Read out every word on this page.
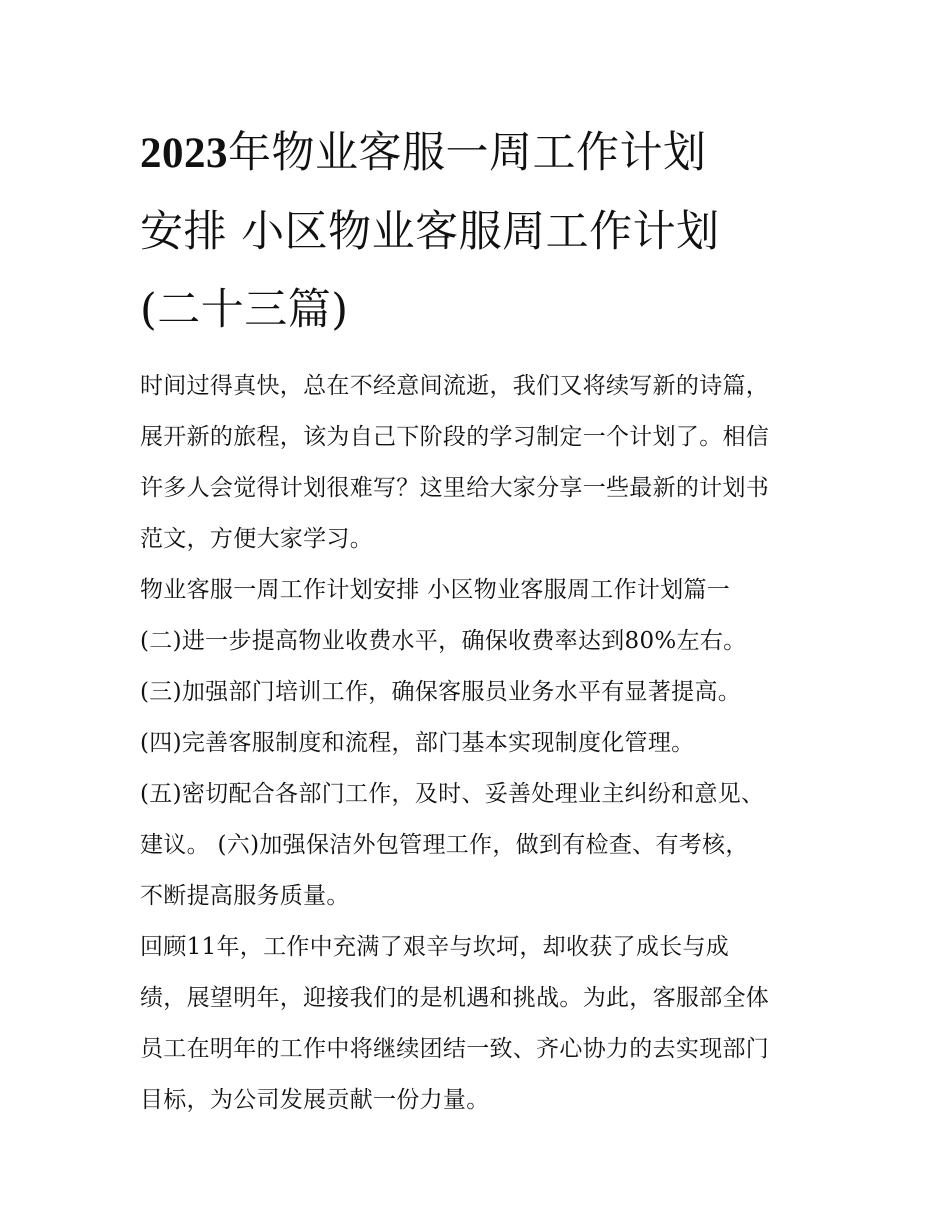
2023年物业客服一周工作计划
安排 小区物业客服周工作计划
(二十三篇)
时间过得真快，总在不经意间流逝，我们又将续写新的诗篇，
展开新的旅程，该为自己下阶段的学习制定一个计划了。相信
许多人会觉得计划很难写？这里给大家分享一些最新的计划书
范文，方便大家学习。
物业客服一周工作计划安排 小区物业客服周工作计划篇一
(二)进一步提高物业收费水平，确保收费率达到80%左右。
(三)加强部门培训工作，确保客服员业务水平有显著提高。
(四)完善客服制度和流程，部门基本实现制度化管理。
(五)密切配合各部门工作，及时、妥善处理业主纠纷和意见、
建议。 (六)加强保洁外包管理工作，做到有检查、有考核，
不断提高服务质量。
回顾11年，工作中充满了艰辛与坎坷，却收获了成长与成
绩，展望明年，迎接我们的是机遇和挑战。为此，客服部全体
员工在明年的工作中将继续团结一致、齐心协力的去实现部门
目标，为公司发展贡献一份力量。
